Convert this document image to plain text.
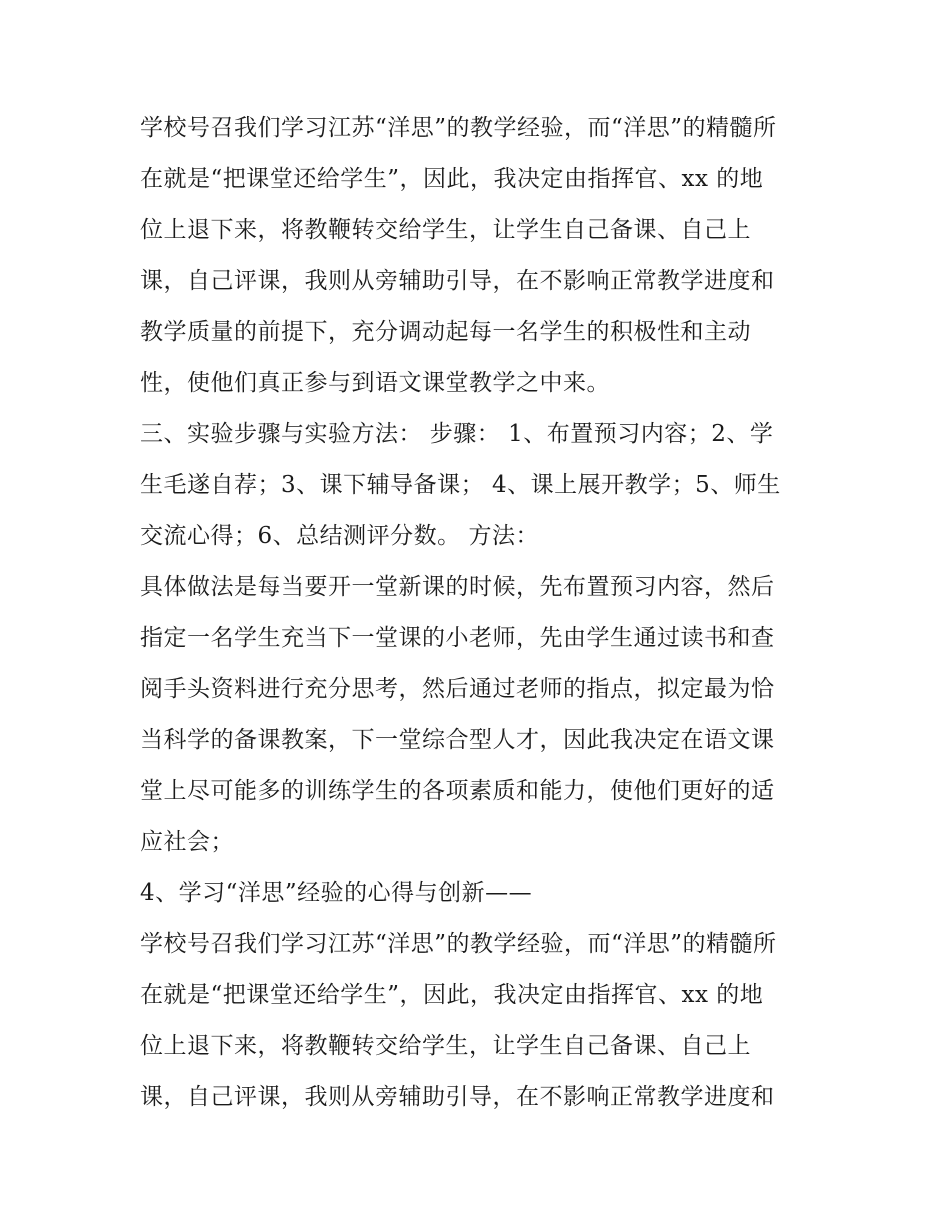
学校号召我们学习江苏“洋思”的教学经验，而“洋思”的精髓所
在就是“把课堂还给学生”，因此，我决定由指挥官、xx 的地
位上退下来，将教鞭转交给学生，让学生自己备课、自己上
课，自己评课，我则从旁辅助引导，在不影响正常教学进度和
教学质量的前提下，充分调动起每一名学生的积极性和主动
性，使他们真正参与到语文课堂教学之中来。
三、实验步骤与实验方法： 步骤： 1、布置预习内容；2、学
生毛遂自荐；3、课下辅导备课； 4、课上展开教学；5、师生
交流心得；6、总结测评分数。 方法：
具体做法是每当要开一堂新课的时候，先布置预习内容，然后
指定一名学生充当下一堂课的小老师，先由学生通过读书和查
阅手头资料进行充分思考，然后通过老师的指点，拟定最为恰
当科学的备课教案，下一堂综合型人才，因此我决定在语文课
堂上尽可能多的训练学生的各项素质和能力，使他们更好的适
应社会；
4、学习“洋思”经验的心得与创新——
学校号召我们学习江苏“洋思”的教学经验，而“洋思”的精髓所
在就是“把课堂还给学生”，因此，我决定由指挥官、xx 的地
位上退下来，将教鞭转交给学生，让学生自己备课、自己上
课，自己评课，我则从旁辅助引导，在不影响正常教学进度和
